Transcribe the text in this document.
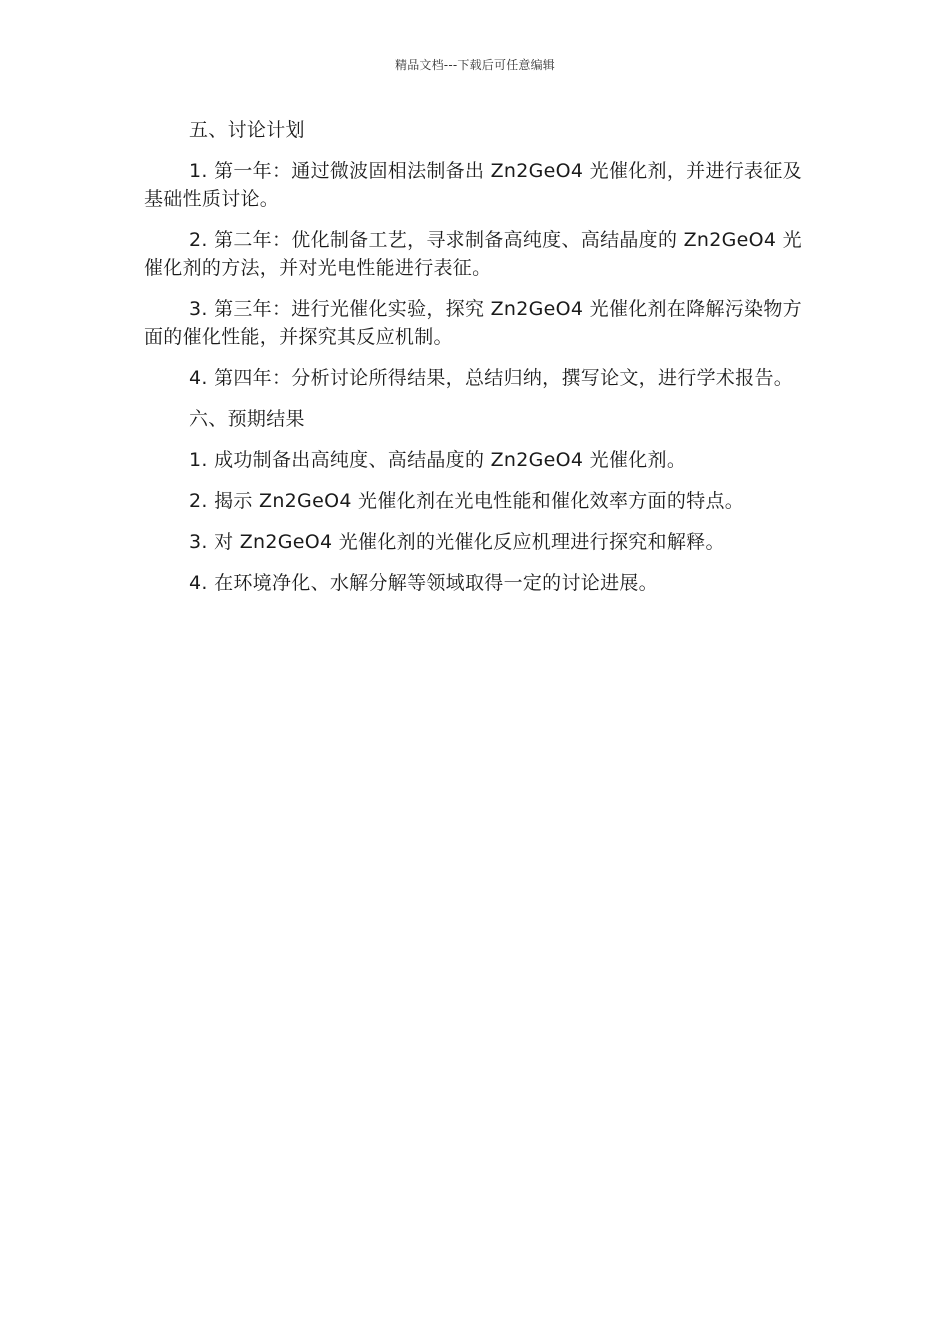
精品文档---下载后可任意编辑

五、讨论计划

1. 第一年：通过微波固相法制备出 Zn2GeO4 光催化剂，并进行表征及基础性质讨论。

2. 第二年：优化制备工艺，寻求制备高纯度、高结晶度的 Zn2GeO4 光催化剂的方法，并对光电性能进行表征。

3. 第三年：进行光催化实验，探究 Zn2GeO4 光催化剂在降解污染物方面的催化性能，并探究其反应机制。

4. 第四年：分析讨论所得结果，总结归纳，撰写论文，进行学术报告。

六、预期结果

1. 成功制备出高纯度、高结晶度的 Zn2GeO4 光催化剂。

2. 揭示 Zn2GeO4 光催化剂在光电性能和催化效率方面的特点。

3. 对 Zn2GeO4 光催化剂的光催化反应机理进行探究和解释。

4. 在环境净化、水解分解等领域取得一定的讨论进展。
